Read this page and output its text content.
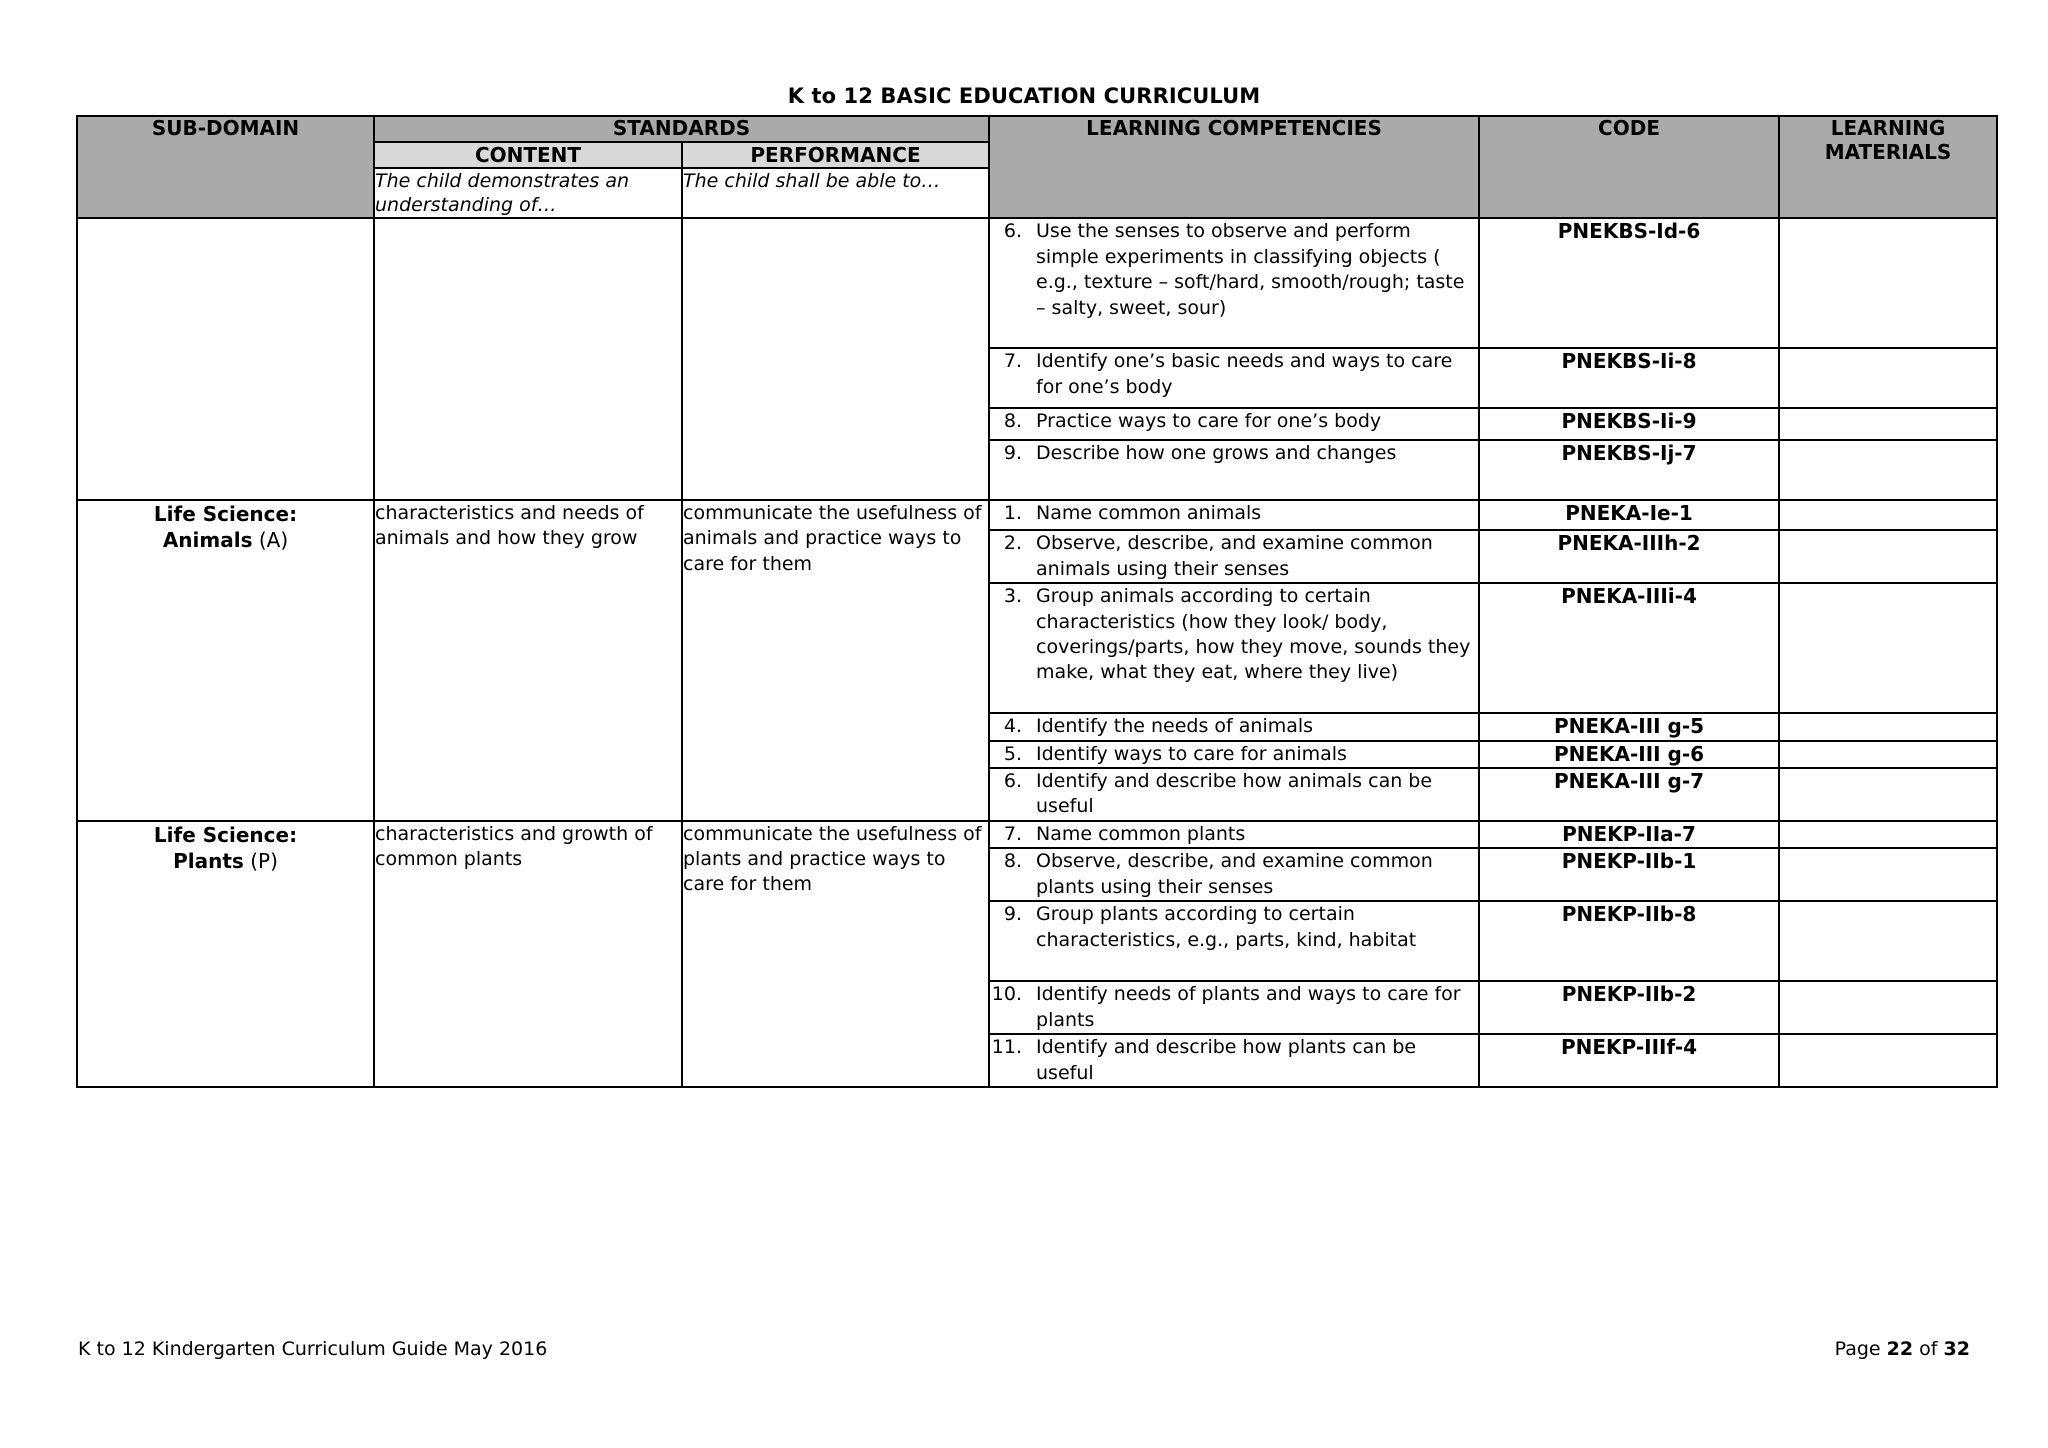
K to 12 BASIC EDUCATION CURRICULUM
SUB-DOMAIN	STANDARDS		LEARNING COMPETENCIES	CODE	LEARNING
MATERIALS
	CONTENT	PERFORMANCE			
	The child demonstrates an understanding of…	The child shall be able to…			

			6. Use the senses to observe and perform simple experiments in classifying objects ( e.g., texture – soft/hard, smooth/rough; taste – salty, sweet, sour)	PNEKBS-Id-6	

			7. Identify one’s basic needs and ways to care for one’s body	PNEKBS-Ii-8	

			8. Practice ways to care for one’s body	PNEKBS-Ii-9	

			9. Describe how one grows and changes	PNEKBS-Ij-7	

Life Science:
Animals (A)	characteristics and needs of animals and how they grow	communicate the usefulness of animals and practice ways to care for them	1. Name common animals	PNEKA-Ie-1	

			2. Observe, describe, and examine common animals using their senses	PNEKA-IIIh-2	

			3. Group animals according to certain characteristics (how they look/ body, coverings/parts, how they move, sounds they make, what they eat, where they live)	PNEKA-IIIi-4	

			4. Identify the needs of animals	PNEKA-III g-5	

			5. Identify ways to care for animals	PNEKA-III g-6	

			6. Identify and describe how animals can be useful	PNEKA-III g-7	

Life Science:
Plants (P)	characteristics and growth of common plants	communicate the usefulness of plants and practice ways to care for them	7. Name common plants	PNEKP-IIa-7	

			8. Observe, describe, and examine common plants using their senses	PNEKP-IIb-1	

			9. Group plants according to certain characteristics, e.g., parts, kind, habitat	PNEKP-IIb-8	

			10. Identify needs of plants and ways to care for plants	PNEKP-IIb-2	

			11. Identify and describe how plants can be useful	PNEKP-IIIf-4	
K to 12 Kindergarten Curriculum Guide May 2016	Page 22 of 32
